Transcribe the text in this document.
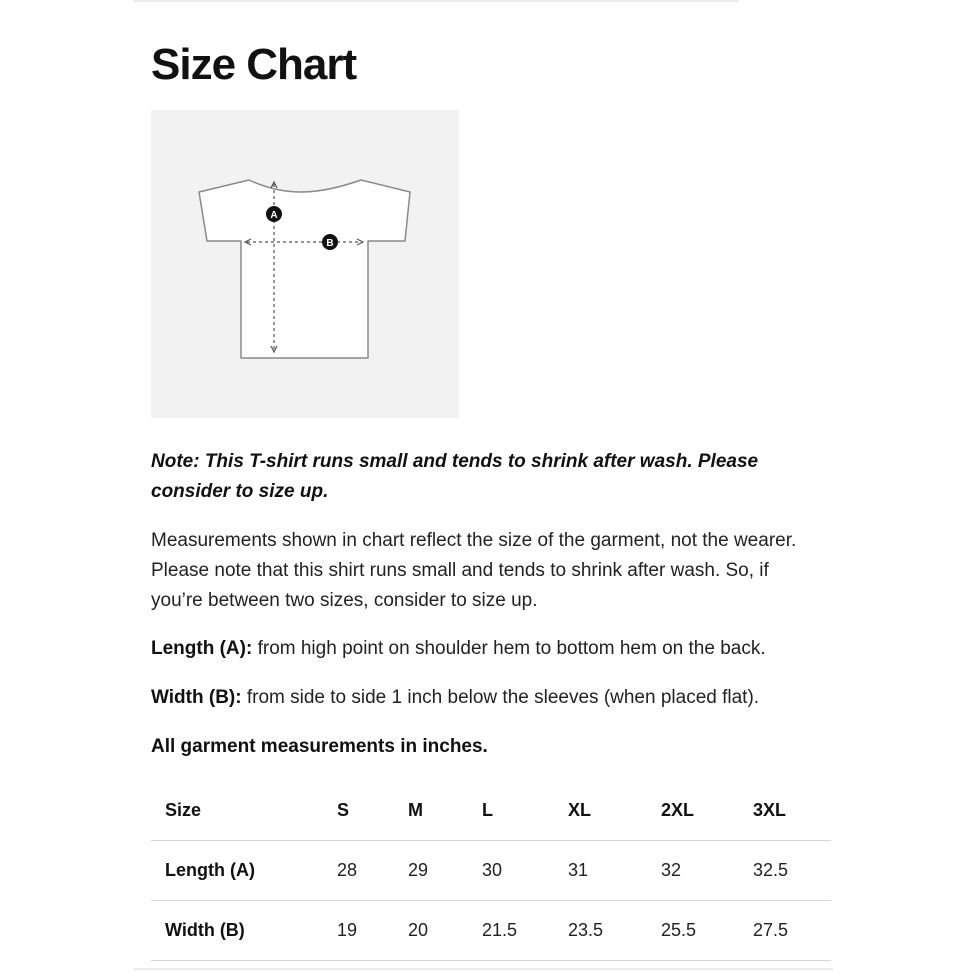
Size Chart
A
B

Note: This T-shirt runs small and tends to shrink after wash. Please consider to size up.

Measurements shown in chart reflect the size of the garment, not the wearer. Please note that this shirt runs small and tends to shrink after wash. So, if you’re between two sizes, consider to size up.

Length (A): from high point on shoulder hem to bottom hem on the back.

Width (B): from side to side 1 inch below the sleeves (when placed flat).

All garment measurements in inches.

Size	S	M	L	XL	2XL	3XL
Length (A)	28	29	30	31	32	32.5
Width (B)	19	20	21.5	23.5	25.5	27.5
